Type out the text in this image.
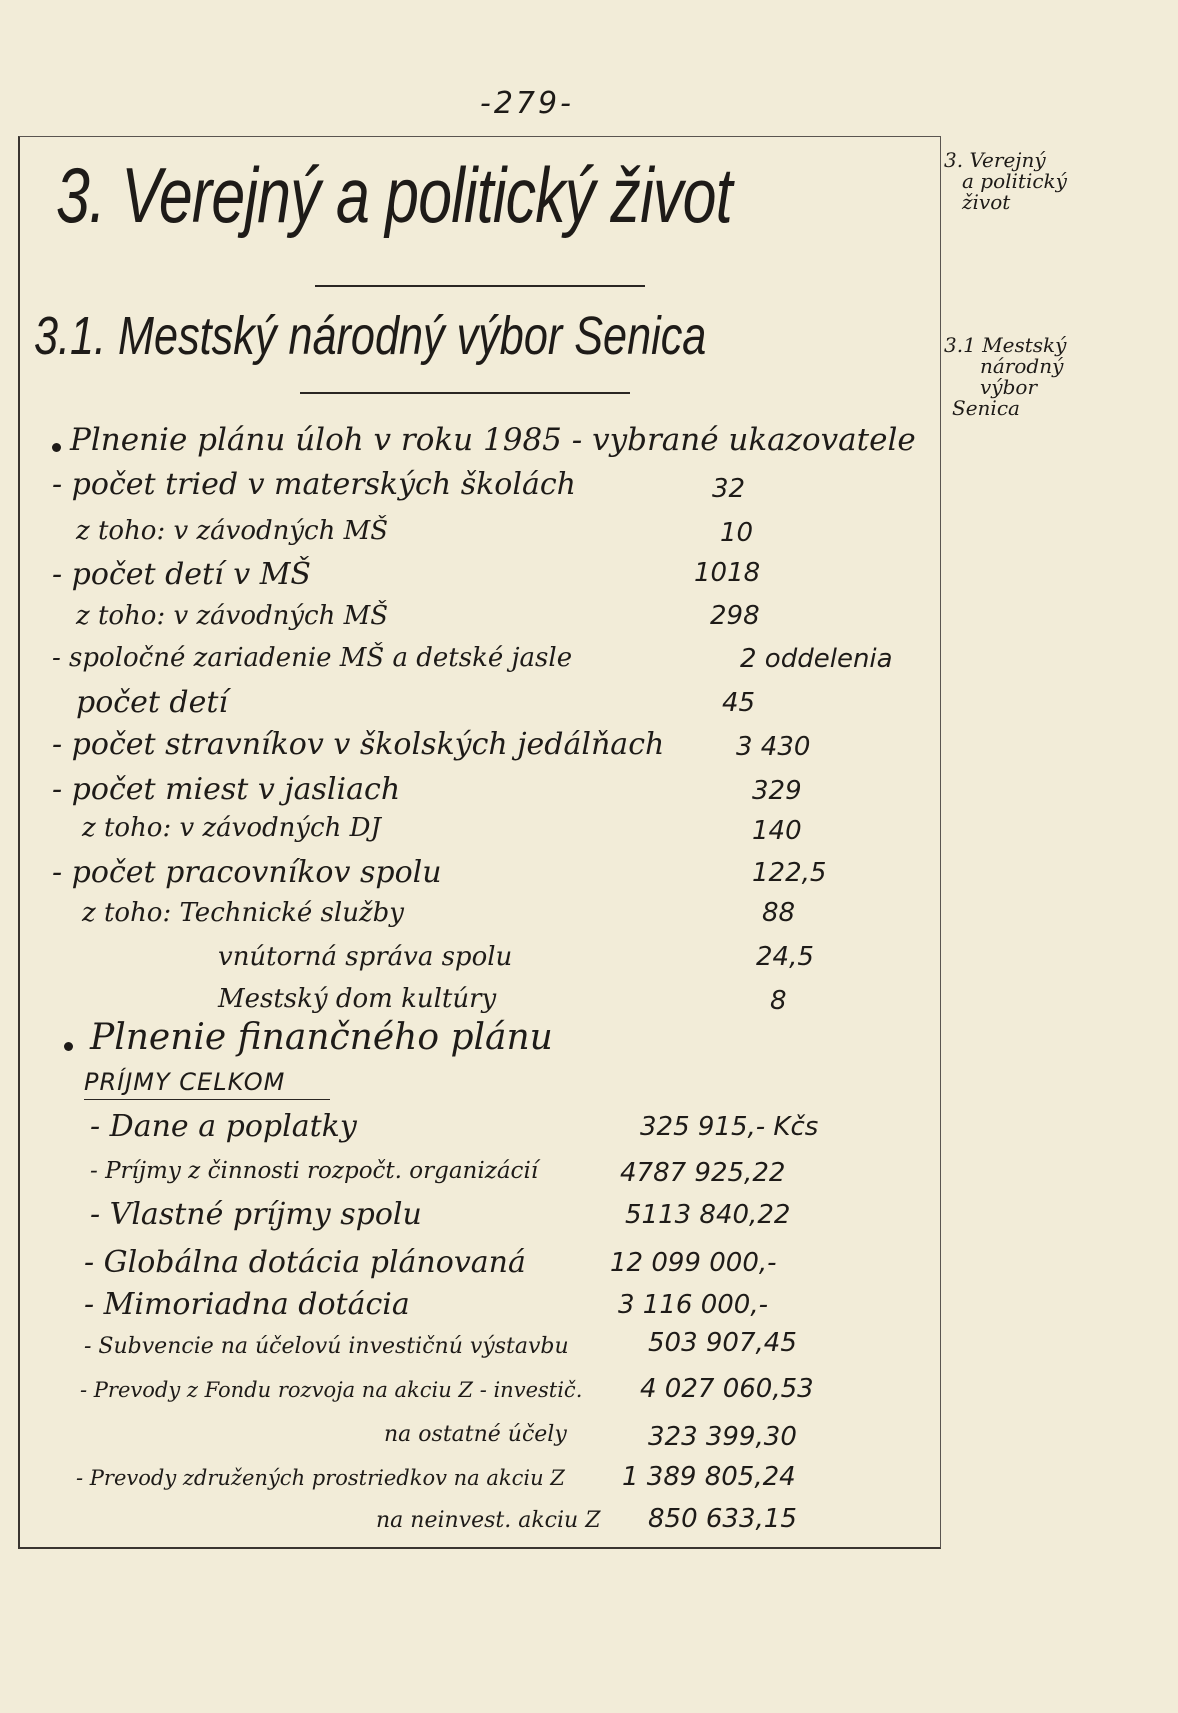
-279-
3. Verejný a politický život
3.1. Mestský národný výbor Senica
3. Verejný
a politický
život
3.1 Mestský
národný
výbor
Senica
Plnenie plánu úloh v roku 1985 - vybrané ukazovatele
- počet tried v materských školách	32
z toho: v závodných MŠ	10
- počet detí v MŠ	1018
z toho: v závodných MŠ	298
- spoločné zariadenie MŠ a detské jasle	2 oddelenia
počet detí	45
- počet stravníkov v školských jedálňach	3 430
- počet miest v jasliach	329
z toho: v závodných DJ	140
- počet pracovníkov spolu	122,5
z toho: Technické služby	88
vnútorná správa spolu	24,5
Mestský dom kultúry	8
Plnenie finančného plánu
PRÍJMY CELKOM
- Dane a poplatky	325 915,- Kčs
- Príjmy z činnosti rozpočt. organizácií	4787 925,22
- Vlastné príjmy spolu	5113 840,22
- Globálna dotácia plánovaná	12 099 000,-
- Mimoriadna dotácia	3 116 000,-
- Subvencie na účelovú investičnú výstavbu	503 907,45
- Prevody z Fondu rozvoja na akciu Z - investič. 4 027 060,53
na ostatné účely	323 399,30
- Prevody združených prostriedkov na akciu Z 1 389 805,24
na neinvest. akciu Z 850 633,15
